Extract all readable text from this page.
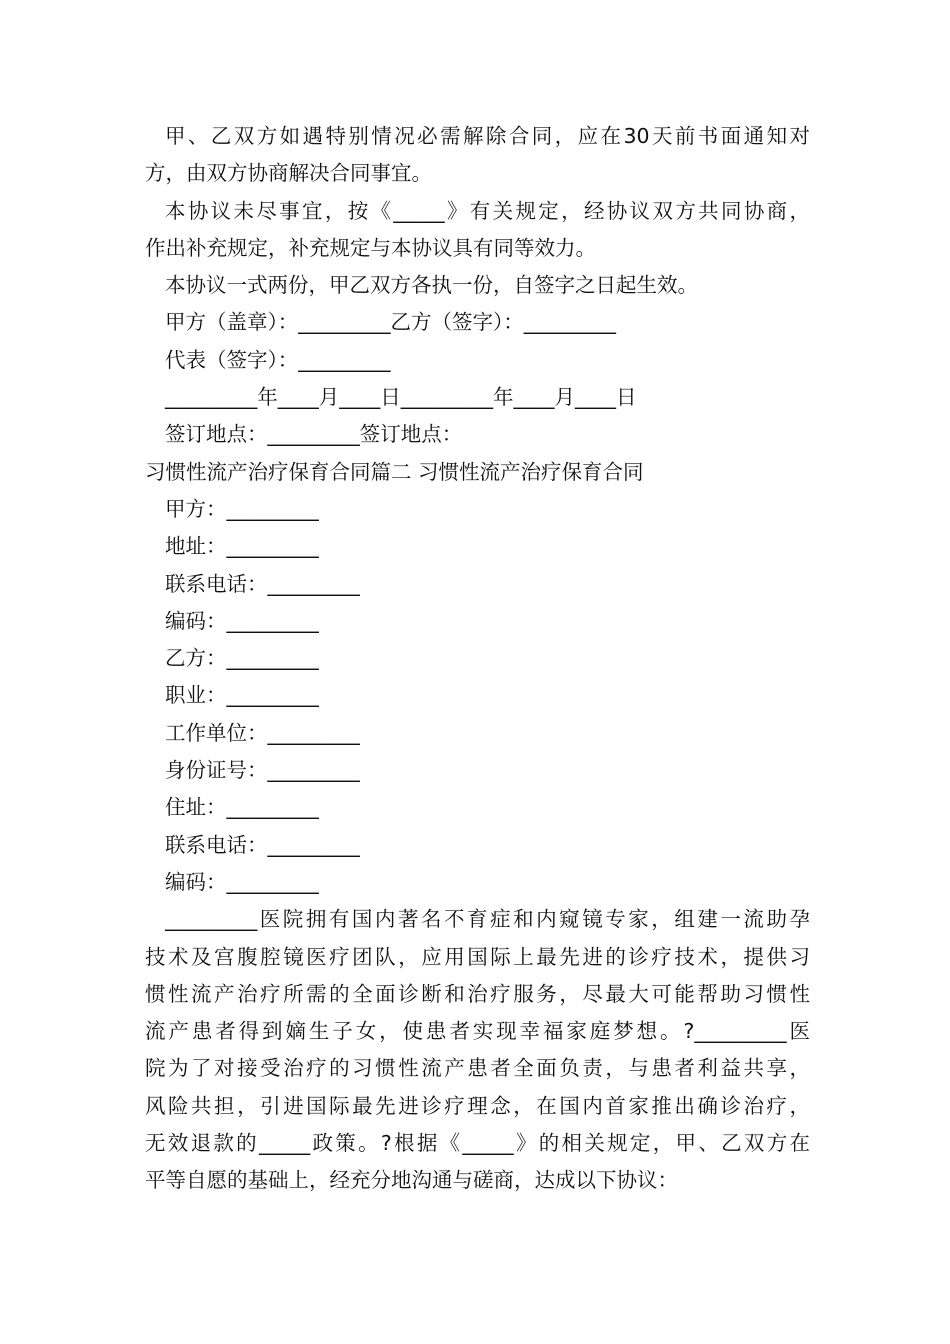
甲、乙双方如遇特别情况必需解除合同，应在30天前书面通知对
方，由双方协商解决合同事宜。
本协议未尽事宜，按《_____》有关规定，经协议双方共同协商，
作出补充规定，补充规定与本协议具有同等效力。
本协议一式两份，甲乙双方各执一份，自签字之日起生效。
甲方（盖章）：_________乙方（签字）：_________
代表（签字）：_________
_________年____月____日_________年____月____日
签订地点：_________签订地点：
习惯性流产治疗保育合同篇二 习惯性流产治疗保育合同
甲方：_________
地址：_________
联系电话：_________
编码：_________
乙方：_________
职业：_________
工作单位：_________
身份证号：_________
住址：_________
联系电话：_________
编码：_________
_________医院拥有国内著名不育症和内窥镜专家，组建一流助孕
技术及宫腹腔镜医疗团队，应用国际上最先进的诊疗技术，提供习
惯性流产治疗所需的全面诊断和治疗服务，尽最大可能帮助习惯性
流产患者得到嫡生子女，使患者实现幸福家庭梦想。?_________医
院为了对接受治疗的习惯性流产患者全面负责，与患者利益共享，
风险共担，引进国际最先进诊疗理念，在国内首家推出确诊治疗，
无效退款的_____政策。?根据《_____》的相关规定，甲、乙双方在
平等自愿的基础上，经充分地沟通与磋商，达成以下协议：
